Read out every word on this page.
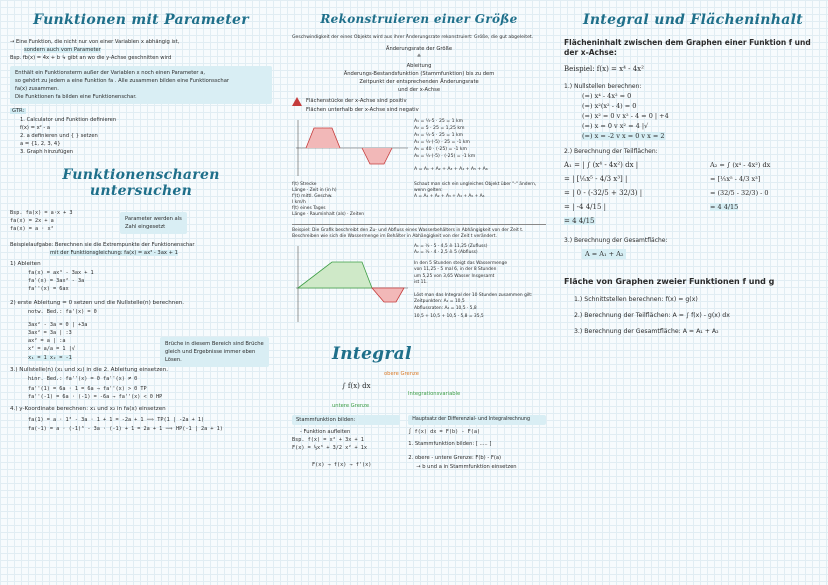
Funktionen mit Parameter
→ Eine Funktion, die nicht nur von einer Variablen x abhängig ist,
sondern auch vom Parameter
Bsp. fb(x) = 4x + b ↳ gibt an wo die y-Achse geschnitten wird
Enthält ein Funktionsterm außer der Variablen x noch einen Parameter a,
so gehört zu jedem a eine Funktion fa . Alle zusammen bilden eine Funktionsschar
fa(x) zusammen.
Die Funktionen fa bilden eine Funktionenschar.
GTR:
1. Calculator und Funktion definieren
f(x) = x² - a
2. a definieren und { } setzen
a = {1, 2, 3, 4}
3. Graph hinzufügen
Funktionenscharen untersuchen
Bsp. fa(x) = a·x + 3
fa(x) = 2x + a
fa(x) = a · x²
Parameter werden als
Zahl eingesetzt
Beispielaufgabe: Berechnen sie die Extrempunkte der Funktionenschar
mit der Funktionsgleichung: fa(x) = ax³ - 3ax + 1
1) Ableiten
fa(x) = ax³ - 3ax + 1
fa'(x) = 3ax² - 3a
fa''(x) = 6ax
2) erste Ableitung = 0 setzen und die Nullstelle(n) berechnen.
notw. Bed.: fa'(x) = 0
3ax² - 3a = 0 | +3a
3ax² = 3a | :3
ax² = a | :a
x² = a/a = 1 |√
x₁ = 1 x₂ = -1
Brüche in diesem Bereich sind Brüche
gleich und Ergebnisse immer eben
Lösen.
3.) Nullstelle(n) (x₁ und x₂) in die 2. Ableitung einsetzen.
hinr. Bed.: fa''(x) = 0 fa''(x) ≠ 0
fa''(1) = 6a · 1 = 6a → fa''(x) > 0 TP
fa''(-1) = 6a · (-1) = -6a → fa''(x) < 0 HP
4.) y-Koordinate berechnen: x₁ und x₂ in fa(x) einsetzen
fa(1) = a · 1³ - 3a · 1 + 1 = -2a + 1 ⟹ TP(1 | -2a + 1)
fa(-1) = a · (-1)³ - 3a · (-1) + 1 = 2a + 1 ⟹ HP(-1 | 2a + 1)
Rekonstruieren einer Größe
Geschwindigkeit der eines Objekts wird aus ihrer Änderungsrate rekonstruiert: Größe, die gut abgeleitet.
Änderungsrate der Größe
≙
Ableitung
Änderungs-Bestandsfunktion (Stammfunktion) bis zu dem
Zeitpunkt der entsprechenden Änderungsrate
und der x-Achse
Flächenstücke der x-Achse sind positiv
Flächen unterhalb der x-Achse sind negativ
A₁ = ½·5 · 25 = 1 km
A₂ = 5 · 25 = 1,25 km
A₃ = ½·5 · 25 = 1 km
A₄ = ½·(-5) · 25 = -1 km
A₅ = 40 · (-25) = -1 km
A₆ = ½·(-5) · (-25) = -1 km
f(t) Strecke
Länge · Zeit in (in h)
f'(t) mittl. Geschw.
I km/h
f(t) eines Tages
Länge · Rauminhalt (als) · Zeiten
A = A₁ + A₂ + A₃ + A₄ + A₅ + A₆
Schaut man sich ein ungleiches Objekt über "-" ändern,
wenn gelten:
A = A₁ + A₂ + A₃ + A₄ + A₅ + A₆
Beispiel: Die Grafik beschreibt den Zu- und Abfluss eines Wasserbehälters in Abhängigkeit von der Zeit t.
Beschreiben wie sich die Wassermenge im Behälter in Abhängigkeit von der Zeit t verändert.
A₁ = ½ · 5 · 4,5 ≙ 11,25 (Zufluss)
A₂ = ½ · 4 · 2,5 ≙ 5 (Abfluss)
In den 5 Stunden steigt das Wassermenge
von 11,25 - 5 mal 6, in der 8 Stunden
um 5,25 von 3,65 Wasser Insgesamt
ist 11.
Löst man das Integral der 10 Stunden zusammen gilt:
Zeitpunkten: A₁ = 10,5
Abflussraten: A₂ = 10,5 · 5,8
10,5 + 10,5 + 10,5 · 5,8 = 35,5
Integral
∫ f(x) dx
obere Grenze
untere Grenze
Integrationsvariable
Stammfunktion bilden:
- Funktion aufleiten
Bsp. f(x) = x² + 3x + 1
F(x) = ⅓x³ + 3/2 x² + 1x
F(x) → f(x) → f'(x)
Hauptsatz der Differenzial- und Integralrechnung
∫ f(x) dx = F(b) - F(a)
1. Stammfunktion bilden: [ ..... ]
2. obere - untere Grenze: F(b) - F(a)
→ b und a in Stammfunktion einsetzen
Integral und Flächeninhalt
Flächeninhalt zwischen dem Graphen einer Funktion f und der x-Achse:
Beispiel: f(x) = x⁴ - 4x²
1.) Nullstellen berechnen:
(=) x⁴ - 4x² = 0
(=) x²(x² - 4) = 0
(=) x² = 0 v x² - 4 = 0 | +4
(=) x = 0 v x² = 4 |√
(=) x = -2 v x = 0 v x = 2
2.) Berechnung der Teilflächen:
A₁ = | ∫ (x⁴ - 4x²) dx |
= | [⅕x⁵ - 4/3 x³] |
= | 0 - (-32/5 + 32/3) |
= | -4 4/15 |
= 4 4/15
A₂ = ∫ (x⁴ - 4x²) dx
= [⅕x⁵ - 4/3 x³]
= (32/5 - 32/3) - 0
= 4 4/15
3.) Berechnung der Gesamtfläche:
A = A₁ + A₂
Fläche von Graphen zweier Funktionen f und g
1.) Schnittstellen berechnen: f(x) = g(x)
2.) Berechnung der Teilflächen: A = ∫ f(x) - g(x) dx
3.) Berechnung der Gesamtfläche: A = A₁ + A₂
